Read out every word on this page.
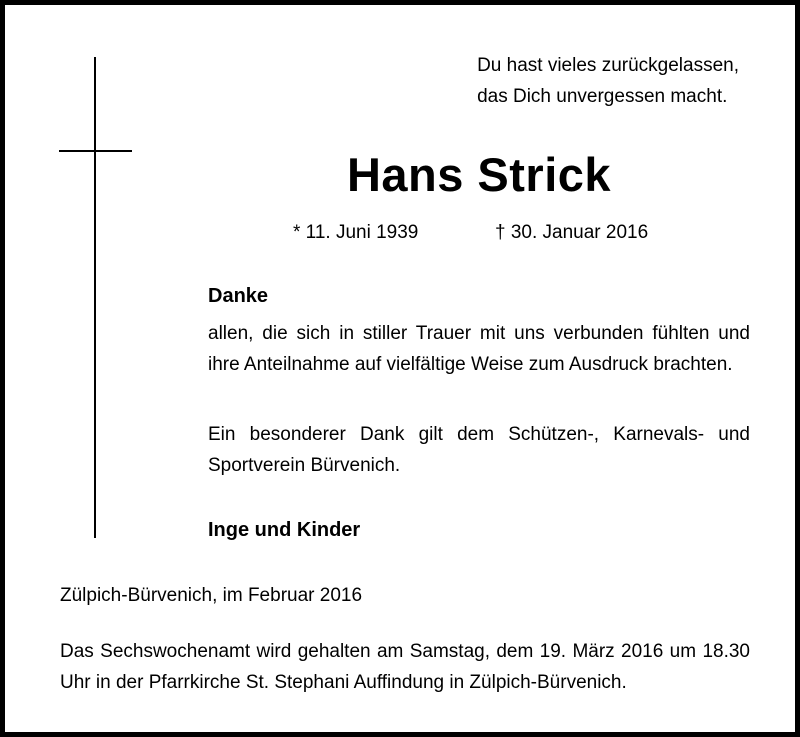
Du hast vieles zurückgelassen,
das Dich unvergessen macht.
Hans Strick
* 11. Juni 1939	† 30. Januar 2016
Danke
allen, die sich in stiller Trauer mit uns verbunden fühlten und ihre Anteilnahme auf vielfältige Weise zum Ausdruck brachten.
Ein besonderer Dank gilt dem Schützen-, Karnevals- und Sportverein Bürvenich.
Inge und Kinder
Zülpich-Bürvenich, im Februar 2016
Das Sechswochenamt wird gehalten am Samstag, dem 19. März 2016 um 18.30 Uhr in der Pfarrkirche St. Stephani Auffindung in Zülpich-Bürvenich.
